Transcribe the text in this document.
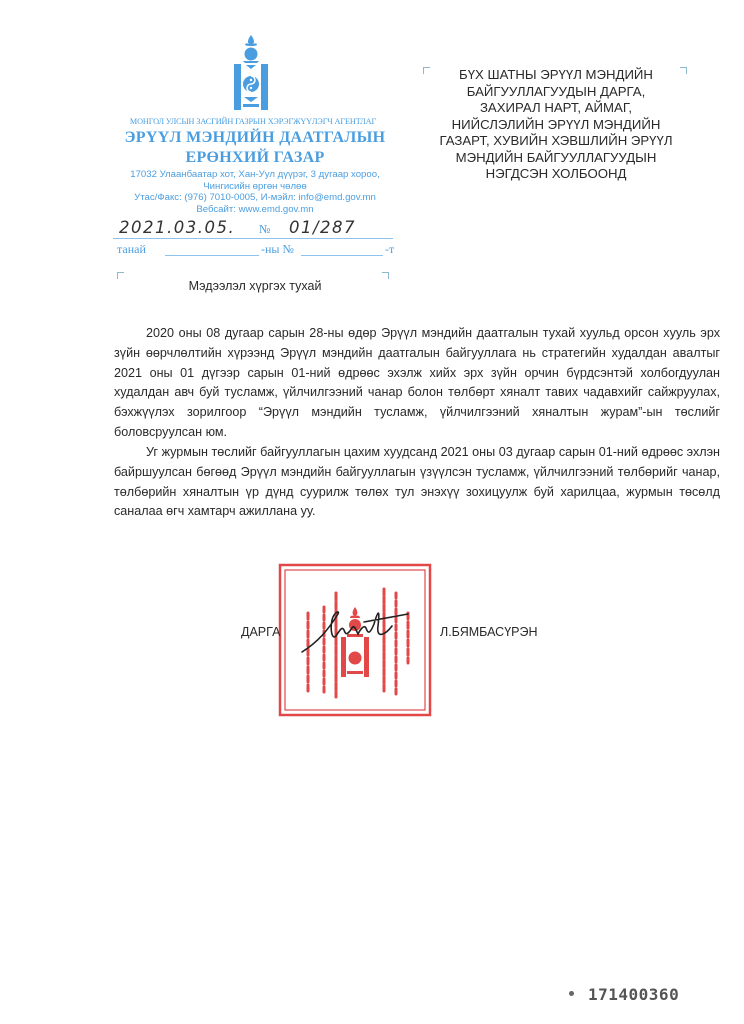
МОНГОЛ УЛСЫН ЗАСГИЙН ГАЗРЫН ХЭРЭГЖҮҮЛЭГЧ АГЕНТЛАГ
ЭРҮҮЛ МЭНДИЙН ДААТГАЛЫН
ЕРӨНХИЙ ГАЗАР
17032 Улаанбаатар хот, Хан-Уул дүүрэг, 3 дугаар хороо,
Чингисийн өргөн чөлөө
Утас/Факс: (976) 7010-0005, И-мэйл: info@emd.gov.mn
Вебсайт: www.emd.gov.mn
2021.03.05. № 01/287
танай	-ны №	-т
Мэдээлэл хүргэх тухай
БҮХ ШАТНЫ ЭРҮҮЛ МЭНДИЙН БАЙГУУЛЛАГУУДЫН ДАРГА, ЗАХИРАЛ НАРТ, АЙМАГ, НИЙСЛЭЛИЙН ЭРҮҮЛ МЭНДИЙН ГАЗАРТ, ХУВИЙН ХЭВШЛИЙН ЭРҮҮЛ МЭНДИЙН БАЙГУУЛЛАГУУДЫН НЭГДСЭН ХОЛБООНД
2020 оны 08 дугаар сарын 28-ны өдөр Эрүүл мэндийн даатгалын тухай хуульд орсон хууль эрх зүйн өөрчлөлтийн хүрээнд Эрүүл мэндийн даатгалын байгууллага нь стратегийн худалдан авалтыг 2021 оны 01 дүгээр сарын 01-ний өдрөөс эхэлж хийх эрх зүйн орчин бүрдсэнтэй холбогдуулан худалдан авч буй тусламж, үйлчилгээний чанар болон төлбөрт хяналт тавих чадавхийг сайжруулах, бэхжүүлэх зорилгоор “Эрүүл мэндийн тусламж, үйлчилгээний хяналтын журам”-ын төслийг боловсруулсан юм.
Уг журмын төслийг байгууллагын цахим хуудсанд 2021 оны 03 дугаар сарын 01-ний өдрөөс эхлэн байршуулсан бөгөөд Эрүүл мэндийн байгууллагын үзүүлсэн тусламж, үйлчилгээний төлбөрийг чанар, төлбөрийн хяналтын үр дүнд суурилж төлөх тул энэхүү зохицуулж буй харилцаа, журмын төсөлд саналаа өгч хамтарч ажиллана уу.
ДАРГА	Л.БЯМБАСҮРЭН
171400360
